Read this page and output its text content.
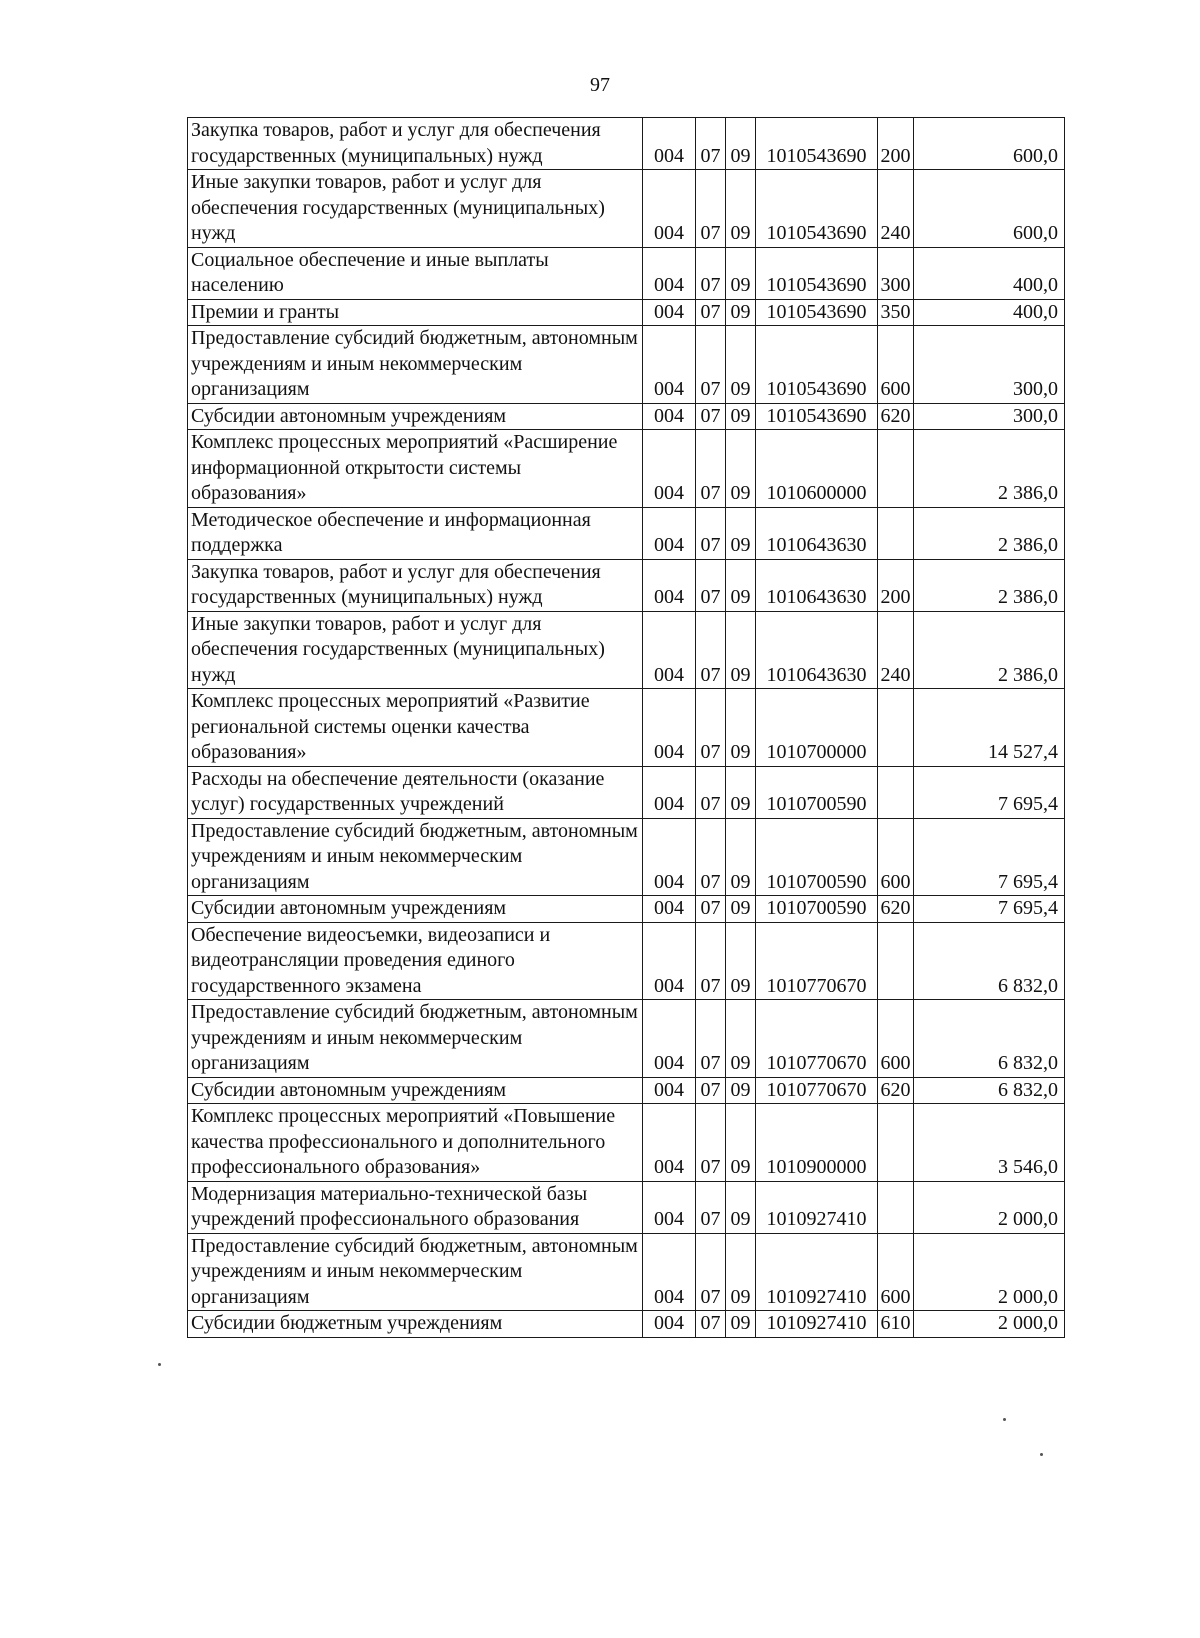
97
Закупка товаров, работ и услуг для обеспечения государственных (муниципальных) нужд	004	07	09	1010543690	200	600,0
Иные закупки товаров, работ и услуг для обеспечения государственных (муниципальных) нужд	004	07	09	1010543690	240	600,0
Социальное обеспечение и иные выплаты населению	004	07	09	1010543690	300	400,0
Премии и гранты	004	07	09	1010543690	350	400,0
Предоставление субсидий бюджетным, автономным учреждениям и иным некоммерческим организациям	004	07	09	1010543690	600	300,0
Субсидии автономным учреждениям	004	07	09	1010543690	620	300,0
Комплекс процессных мероприятий «Расширение информационной открытости системы образования»	004	07	09	1010600000		2 386,0
Методическое обеспечение и информационная поддержка	004	07	09	1010643630		2 386,0
Закупка товаров, работ и услуг для обеспечения государственных (муниципальных) нужд	004	07	09	1010643630	200	2 386,0
Иные закупки товаров, работ и услуг для обеспечения государственных (муниципальных) нужд	004	07	09	1010643630	240	2 386,0
Комплекс процессных мероприятий «Развитие региональной системы оценки качества образования»	004	07	09	1010700000		14 527,4
Расходы на обеспечение деятельности (оказание услуг) государственных учреждений	004	07	09	1010700590		7 695,4
Предоставление субсидий бюджетным, автономным учреждениям и иным некоммерческим организациям	004	07	09	1010700590	600	7 695,4
Субсидии автономным учреждениям	004	07	09	1010700590	620	7 695,4
Обеспечение видеосъемки, видеозаписи и видеотрансляции проведения единого государственного экзамена	004	07	09	1010770670		6 832,0
Предоставление субсидий бюджетным, автономным учреждениям и иным некоммерческим организациям	004	07	09	1010770670	600	6 832,0
Субсидии автономным учреждениям	004	07	09	1010770670	620	6 832,0
Комплекс процессных мероприятий «Повышение качества профессионального и дополнительного профессионального образования»	004	07	09	1010900000		3 546,0
Модернизация материально-технической базы учреждений профессионального образования	004	07	09	1010927410		2 000,0
Предоставление субсидий бюджетным, автономным учреждениям и иным некоммерческим организациям	004	07	09	1010927410	600	2 000,0
Субсидии бюджетным учреждениям	004	07	09	1010927410	610	2 000,0
